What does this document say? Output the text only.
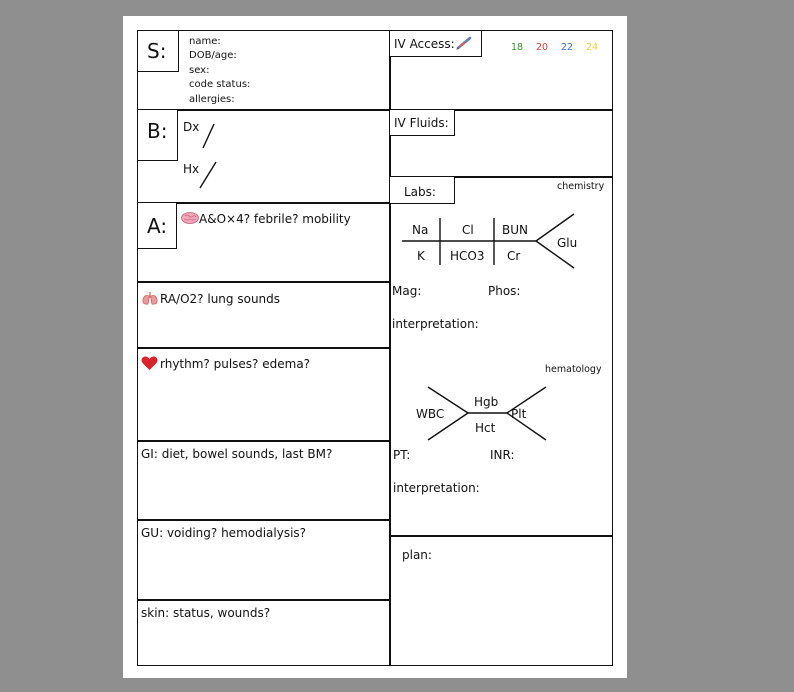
S: name:
DOB/age:
sex:
code status:
allergies:
B: Dx
Hx
A:	A&O×4? febrile? mobility
RA/O2? lung sounds
rhythm? pulses? edema?
GI: diet, bowel sounds, last BM?
GU: voiding? hemodialysis?
skin: status, wounds?
IV Access:	18 20 22 24
IV Fluids:
Labs:	chemistry
Na	Cl BUN
K HCO3 Cr
Glu
Mag:	Phos:
interpretation:
hematology
WBC
Hgb
Hct
Plt
PT:	INR:
interpretation:
plan:
